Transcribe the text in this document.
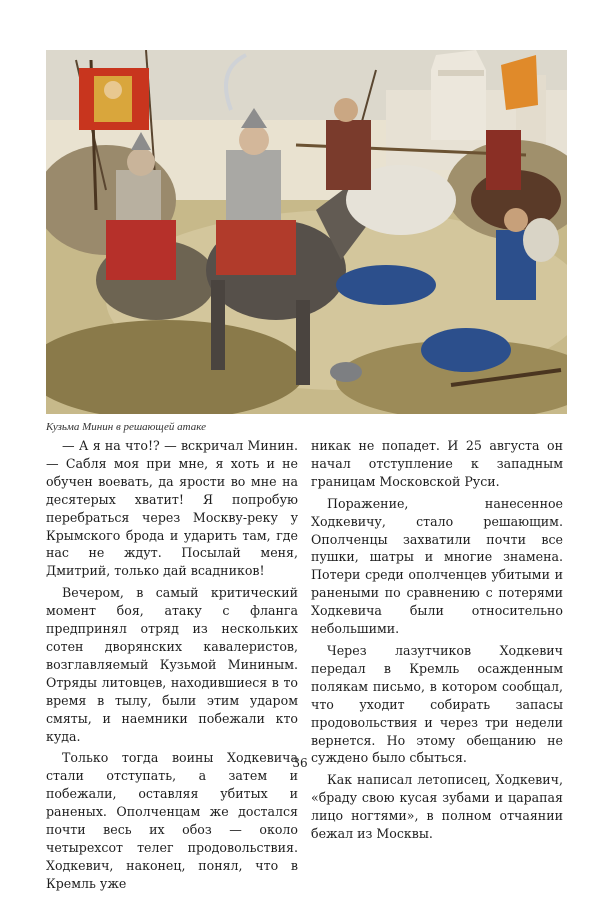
Кузьма Минин в решающей атаке

— А я на что!? — вскричал Минин. — Сабля моя при мне, я хоть и не обучен воевать, да ярости во мне на десятерых хватит! Я попробую перебраться через Москву-реку у Крымского брода и ударить там, где нас не ждут. Посылай меня, Дмитрий, только дай всадников!

Вечером, в самый критический момент боя, атаку с фланга предпринял отряд из нескольких сотен дворянских кавалеристов, возглавляемый Кузьмой Мининым. Отряды литовцев, находившиеся в то время в тылу, были этим ударом смяты, и наемники побежали кто куда.

Только тогда воины Ходкевича стали отступать, а затем и побежали, оставляя убитых и раненых. Ополченцам же достался почти весь их обоз — около четырехсот телег продовольствия. Ходкевич, наконец, понял, что в Кремль уже

никак не попадет. И 25 августа он начал отступление к западным границам Московской Руси.

Поражение, нанесенное Ходкевичу, стало решающим. Ополченцы захватили почти все пушки, шатры и многие знамена. Потери среди ополченцев убитыми и ранеными по сравнению с потерями Ходкевича были относительно небольшими.

Через лазутчиков Ходкевич передал в Кремль осажденным полякам письмо, в котором сообщал, что уходит собирать запасы продовольствия и через три недели вернется. Но этому обещанию не суждено было сбыться.

Как написал летописец, Ходкевич, «браду свою кусая зубами и царапая лицо ногтями», в полном отчаянии бежал из Москвы.

36
